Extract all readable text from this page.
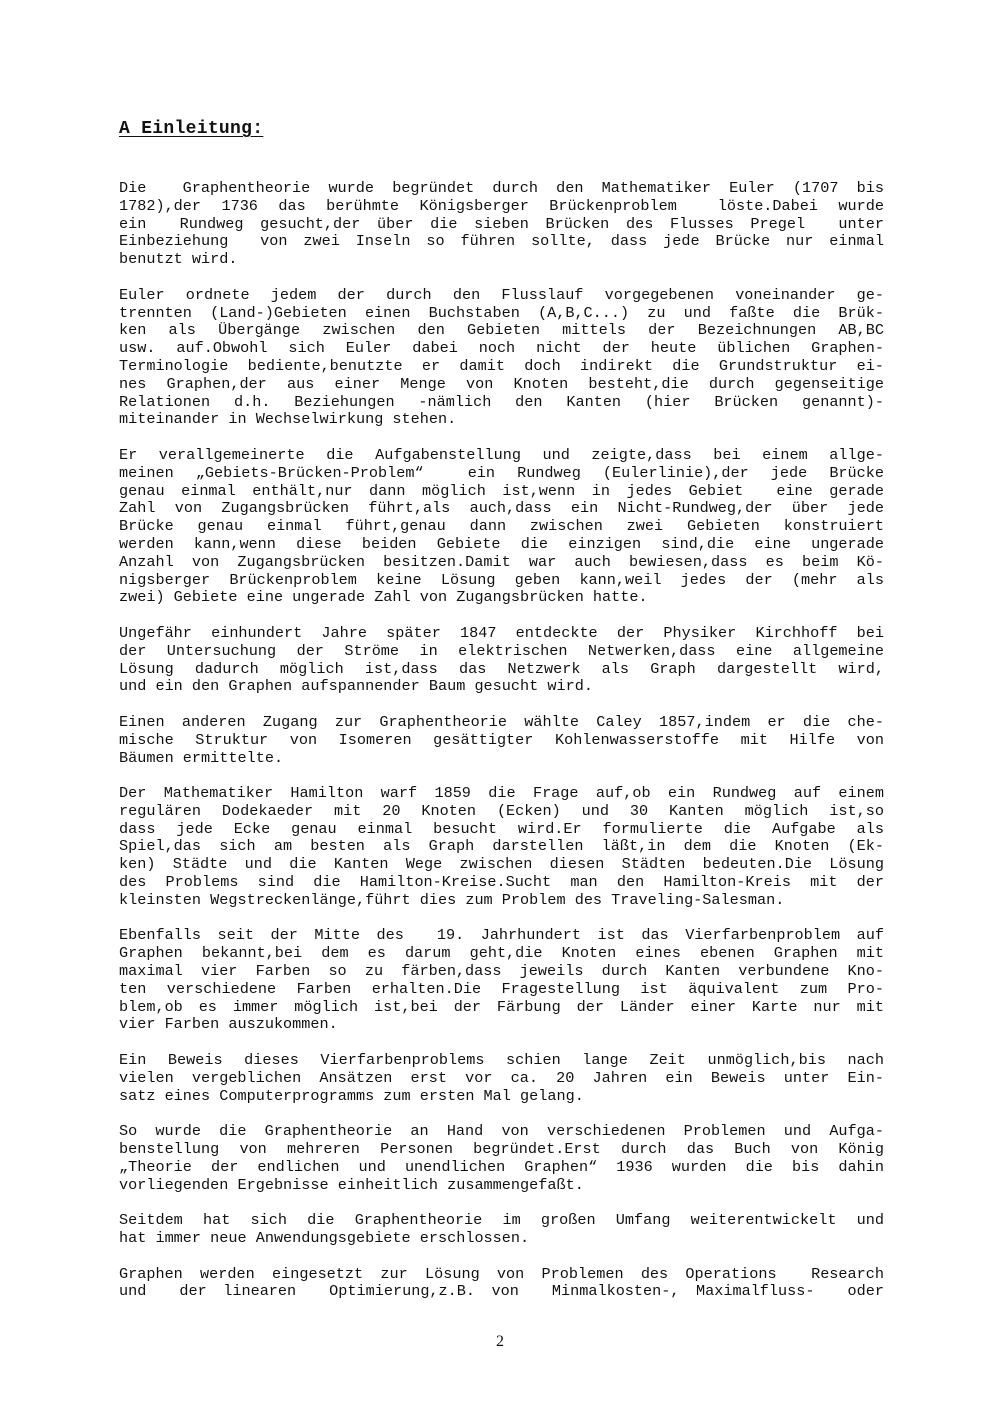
A Einleitung:
Die  Graphentheorie wurde begründet durch den Mathematiker Euler (1707 bis
1782),der 1736 das berühmte Königsberger Brückenproblem  löste.Dabei wurde
ein  Rundweg gesucht,der über die sieben Brücken des Flusses Pregel  unter
Einbeziehung  von zwei Inseln so führen sollte, dass jede Brücke nur einmal
benutzt wird.
Euler ordnete jedem der durch den Flusslauf vorgegebenen voneinander ge-
trennten (Land-)Gebieten einen Buchstaben (A,B,C...) zu und faßte die Brük-
ken als Übergänge zwischen den Gebieten mittels der Bezeichnungen AB,BC
usw. auf.Obwohl sich Euler dabei noch nicht der heute üblichen Graphen-
Terminologie bediente,benutzte er damit doch indirekt die Grundstruktur ei-
nes Graphen,der aus einer Menge von Knoten besteht,die durch gegenseitige
Relationen d.h. Beziehungen -nämlich den Kanten (hier Brücken genannt)-
miteinander in Wechselwirkung stehen.
Er verallgemeinerte die Aufgabenstellung und zeigte,dass bei einem allge-
meinen „Gebiets-Brücken-Problem“  ein Rundweg (Eulerlinie),der jede Brücke
genau einmal enthält,nur dann möglich ist,wenn in jedes Gebiet  eine gerade
Zahl von Zugangsbrücken führt,als auch,dass ein Nicht-Rundweg,der über jede
Brücke genau einmal führt,genau dann zwischen zwei Gebieten konstruiert
werden kann,wenn diese beiden Gebiete die einzigen sind,die eine ungerade
Anzahl von Zugangsbrücken besitzen.Damit war auch bewiesen,dass es beim Kö-
nigsberger Brückenproblem keine Lösung geben kann,weil jedes der (mehr als
zwei) Gebiete eine ungerade Zahl von Zugangsbrücken hatte.
Ungefähr einhundert Jahre später 1847 entdeckte der Physiker Kirchhoff bei
der Untersuchung der Ströme in elektrischen Netwerken,dass eine allgemeine
Lösung dadurch möglich ist,dass das Netzwerk als Graph dargestellt wird,
und ein den Graphen aufspannender Baum gesucht wird.
Einen anderen Zugang zur Graphentheorie wählte Caley 1857,indem er die che-
mische Struktur von Isomeren gesättigter Kohlenwasserstoffe mit Hilfe von
Bäumen ermittelte.
Der Mathematiker Hamilton warf 1859 die Frage auf,ob ein Rundweg auf einem
regulären Dodekaeder mit 20 Knoten (Ecken) und 30 Kanten möglich ist,so
dass jede Ecke genau einmal besucht wird.Er formulierte die Aufgabe als
Spiel,das sich am besten als Graph darstellen läßt,in dem die Knoten (Ek-
ken) Städte und die Kanten Wege zwischen diesen Städten bedeuten.Die Lösung
des Problems sind die Hamilton-Kreise.Sucht man den Hamilton-Kreis mit der
kleinsten Wegstreckenlänge,führt dies zum Problem des Traveling-Salesman.
Ebenfalls seit der Mitte des  19. Jahrhundert ist das Vierfarbenproblem auf
Graphen bekannt,bei dem es darum geht,die Knoten eines ebenen Graphen mit
maximal vier Farben so zu färben,dass jeweils durch Kanten verbundene Kno-
ten verschiedene Farben erhalten.Die Fragestellung ist äquivalent zum Pro-
blem,ob es immer möglich ist,bei der Färbung der Länder einer Karte nur mit
vier Farben auszukommen.
Ein Beweis dieses Vierfarbenproblems schien lange Zeit unmöglich,bis nach
vielen vergeblichen Ansätzen erst vor ca. 20 Jahren ein Beweis unter Ein-
satz eines Computerprogramms zum ersten Mal gelang.
So wurde die Graphentheorie an Hand von verschiedenen Problemen und Aufga-
benstellung von mehreren Personen begründet.Erst durch das Buch von König
„Theorie der endlichen und unendlichen Graphen“ 1936 wurden die bis dahin
vorliegenden Ergebnisse einheitlich zusammengefaßt.
Seitdem hat sich die Graphentheorie im großen Umfang weiterentwickelt und
hat immer neue Anwendungsgebiete erschlossen.
Graphen werden eingesetzt zur Lösung von Problemen des Operations  Research
und  der linearen  Optimierung,z.B. von  Minmalkosten-, Maximalfluss-  oder
2
